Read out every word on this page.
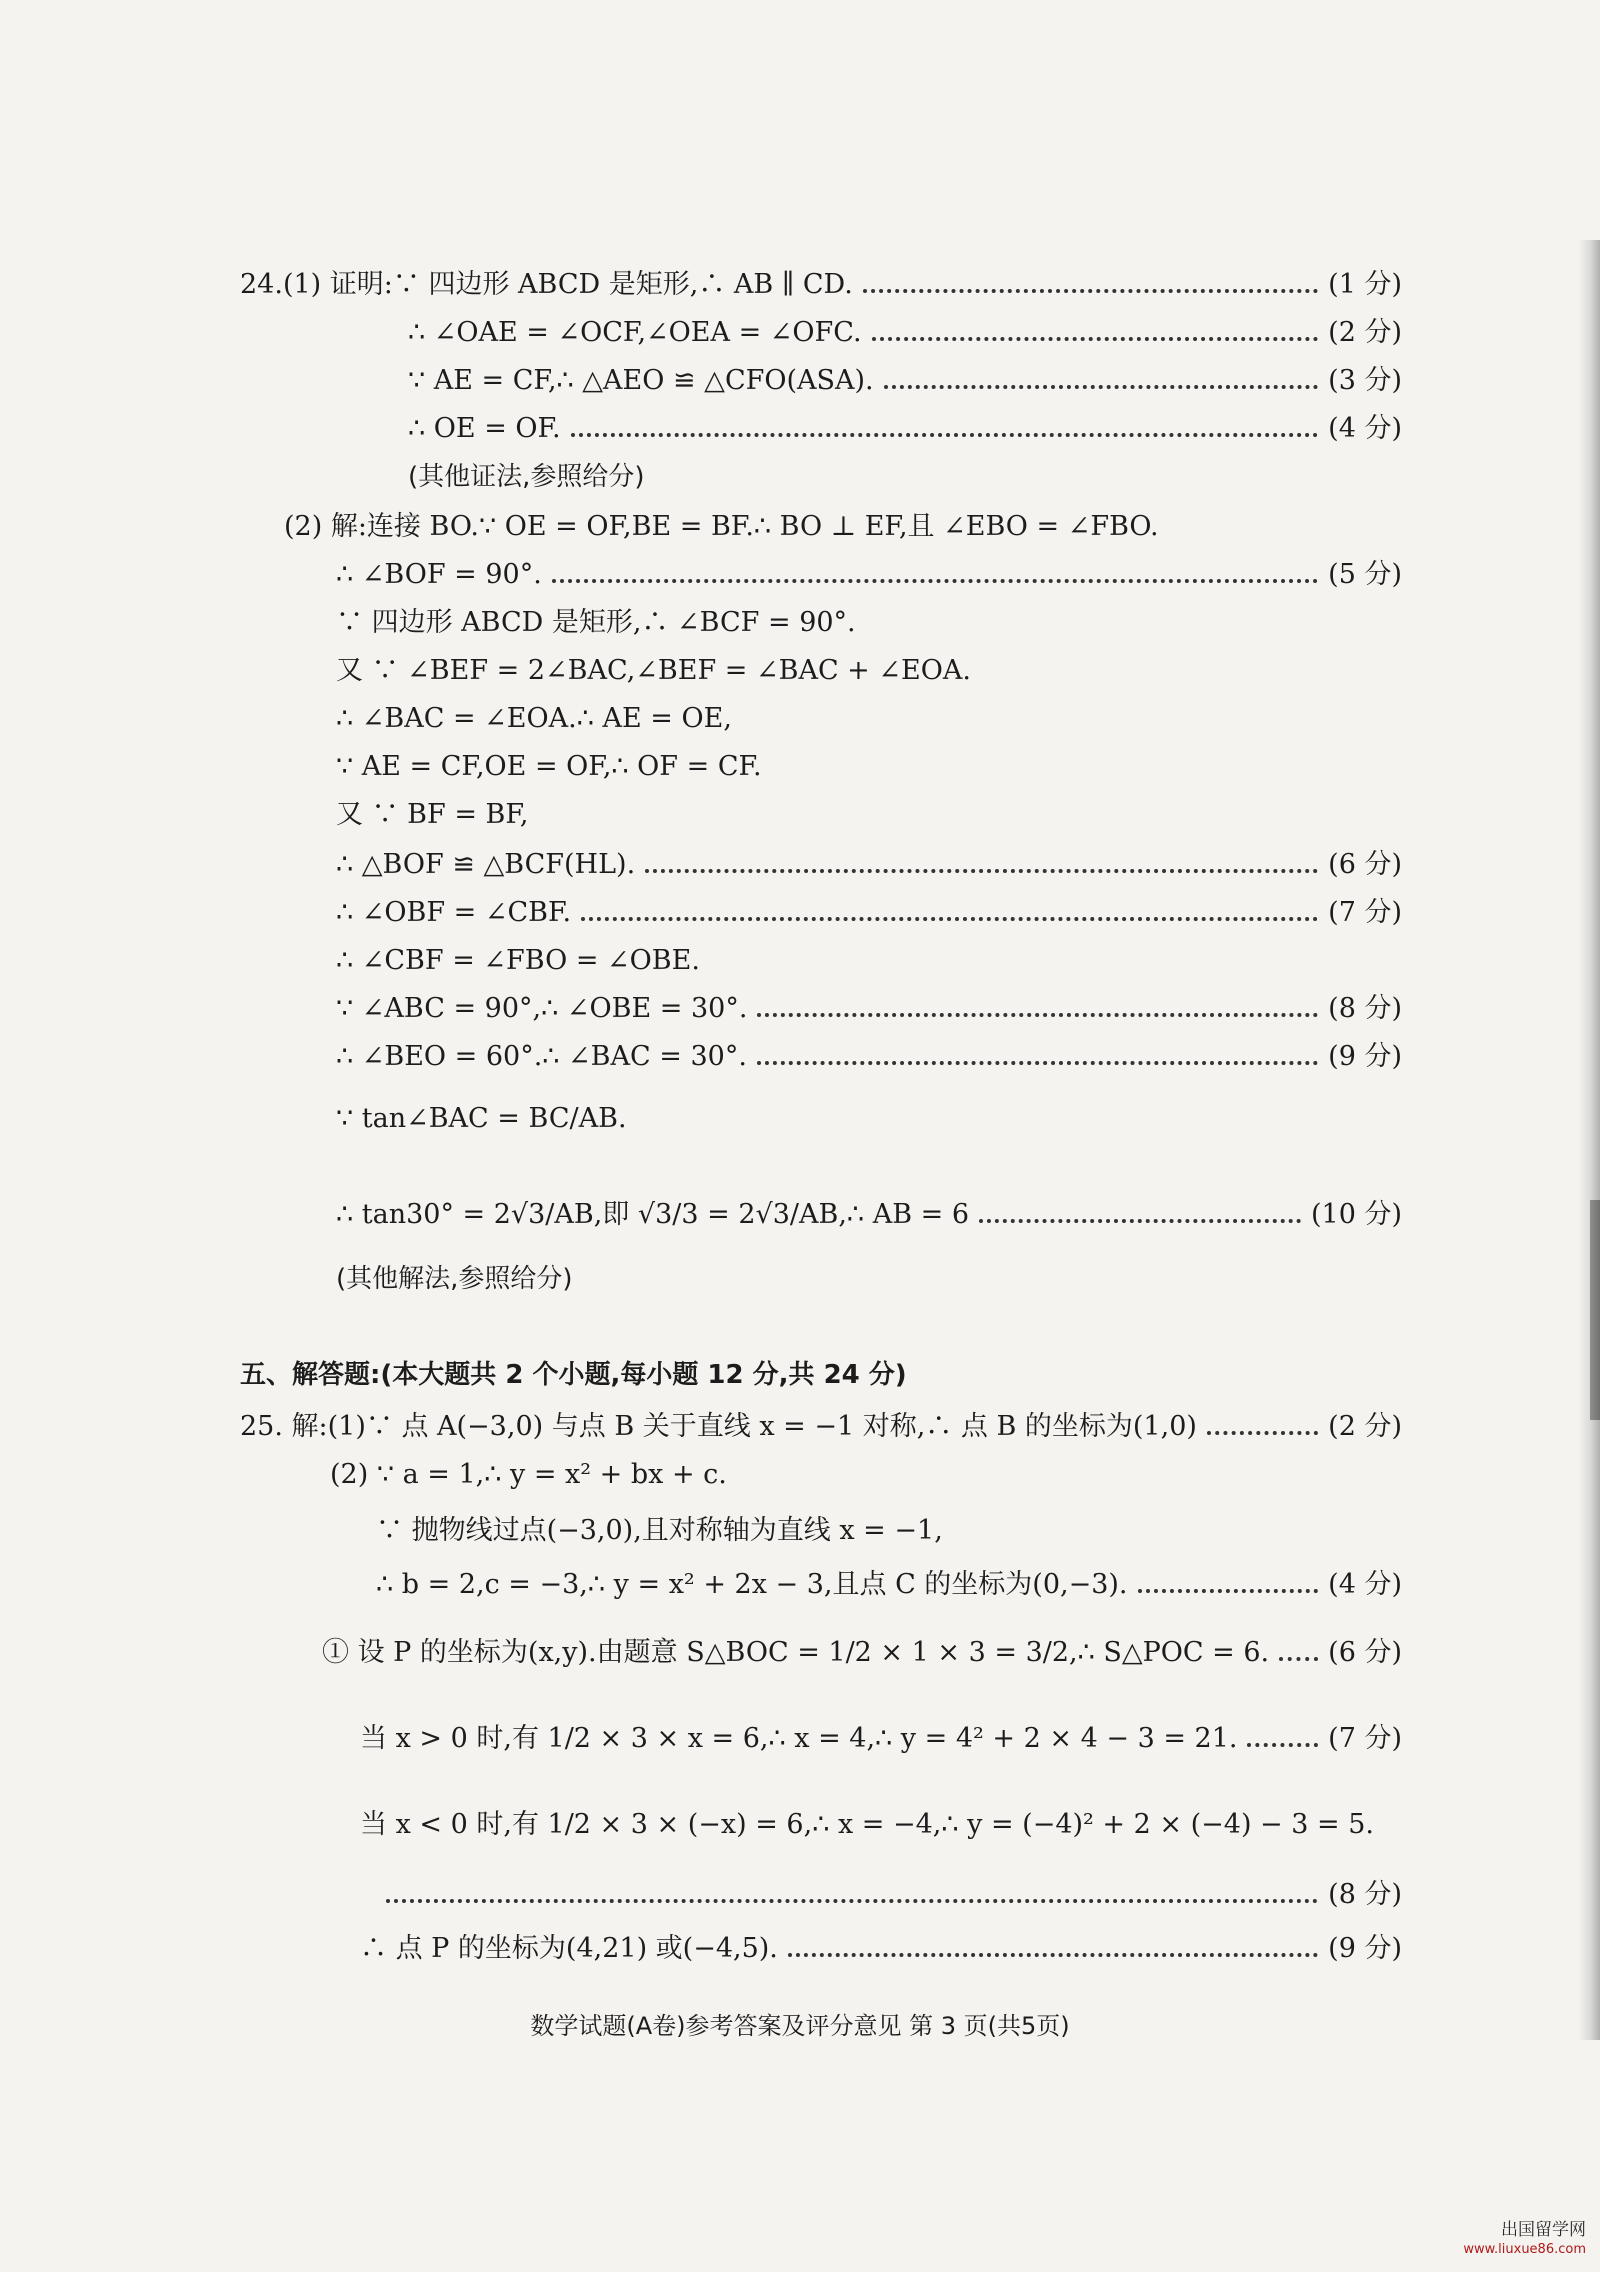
24.(1) 证明:∵ 四边形 ABCD 是矩形,∴ AB ∥ CD.	(1 分)
∴ ∠OAE = ∠OCF,∠OEA = ∠OFC.	(2 分)
∵ AE = CF,∴ △AEO ≌ △CFO(ASA).	(3 分)
∴ OE = OF.	(4 分)
(其他证法,参照给分)
(2) 解:连接 BO.∵ OE = OF,BE = BF.∴ BO ⊥ EF,且 ∠EBO = ∠FBO.
∴ ∠BOF = 90°.	(5 分)
∵ 四边形 ABCD 是矩形,∴ ∠BCF = 90°.
又 ∵ ∠BEF = 2∠BAC,∠BEF = ∠BAC + ∠EOA.
∴ ∠BAC = ∠EOA.∴ AE = OE,
∵ AE = CF,OE = OF,∴ OF = CF.
又 ∵ BF = BF,
∴ △BOF ≌ △BCF(HL).	(6 分)
∴ ∠OBF = ∠CBF.	(7 分)
∴ ∠CBF = ∠FBO = ∠OBE.
∵ ∠ABC = 90°,∴ ∠OBE = 30°.	(8 分)
∴ ∠BEO = 60°.∴ ∠BAC = 30°.	(9 分)
∵ tan∠BAC = BC/AB.
∴ tan30° = 2√3/AB,即 √3/3 = 2√3/AB,∴ AB = 6	(10 分)
(其他解法,参照给分)
五、解答题:(本大题共 2 个小题,每小题 12 分,共 24 分)
25. 解:(1)∵ 点 A(−3,0) 与点 B 关于直线 x = −1 对称,∴ 点 B 的坐标为(1,0)	(2 分)
(2) ∵ a = 1,∴ y = x² + bx + c.
∵ 抛物线过点(−3,0),且对称轴为直线 x = −1,
∴ b = 2,c = −3,∴ y = x² + 2x − 3,且点 C 的坐标为(0,−3).	(4 分)
① 设 P 的坐标为(x,y).由题意 S△BOC = 1/2 × 1 × 3 = 3/2,∴ S△POC = 6. (6 分)
当 x > 0 时,有 1/2 × 3 × x = 6,∴ x = 4,∴ y = 4² + 2 × 4 − 3 = 21.	(7 分)
当 x < 0 时,有 1/2 × 3 × (−x) = 6,∴ x = −4,∴ y = (−4)² + 2 × (−4) − 3 = 5.
(8 分)
∴ 点 P 的坐标为(4,21) 或(−4,5).	(9 分)
数学试题(A卷)参考答案及评分意见 第 3 页(共5页)
出国留学网
www.liuxue86.com
